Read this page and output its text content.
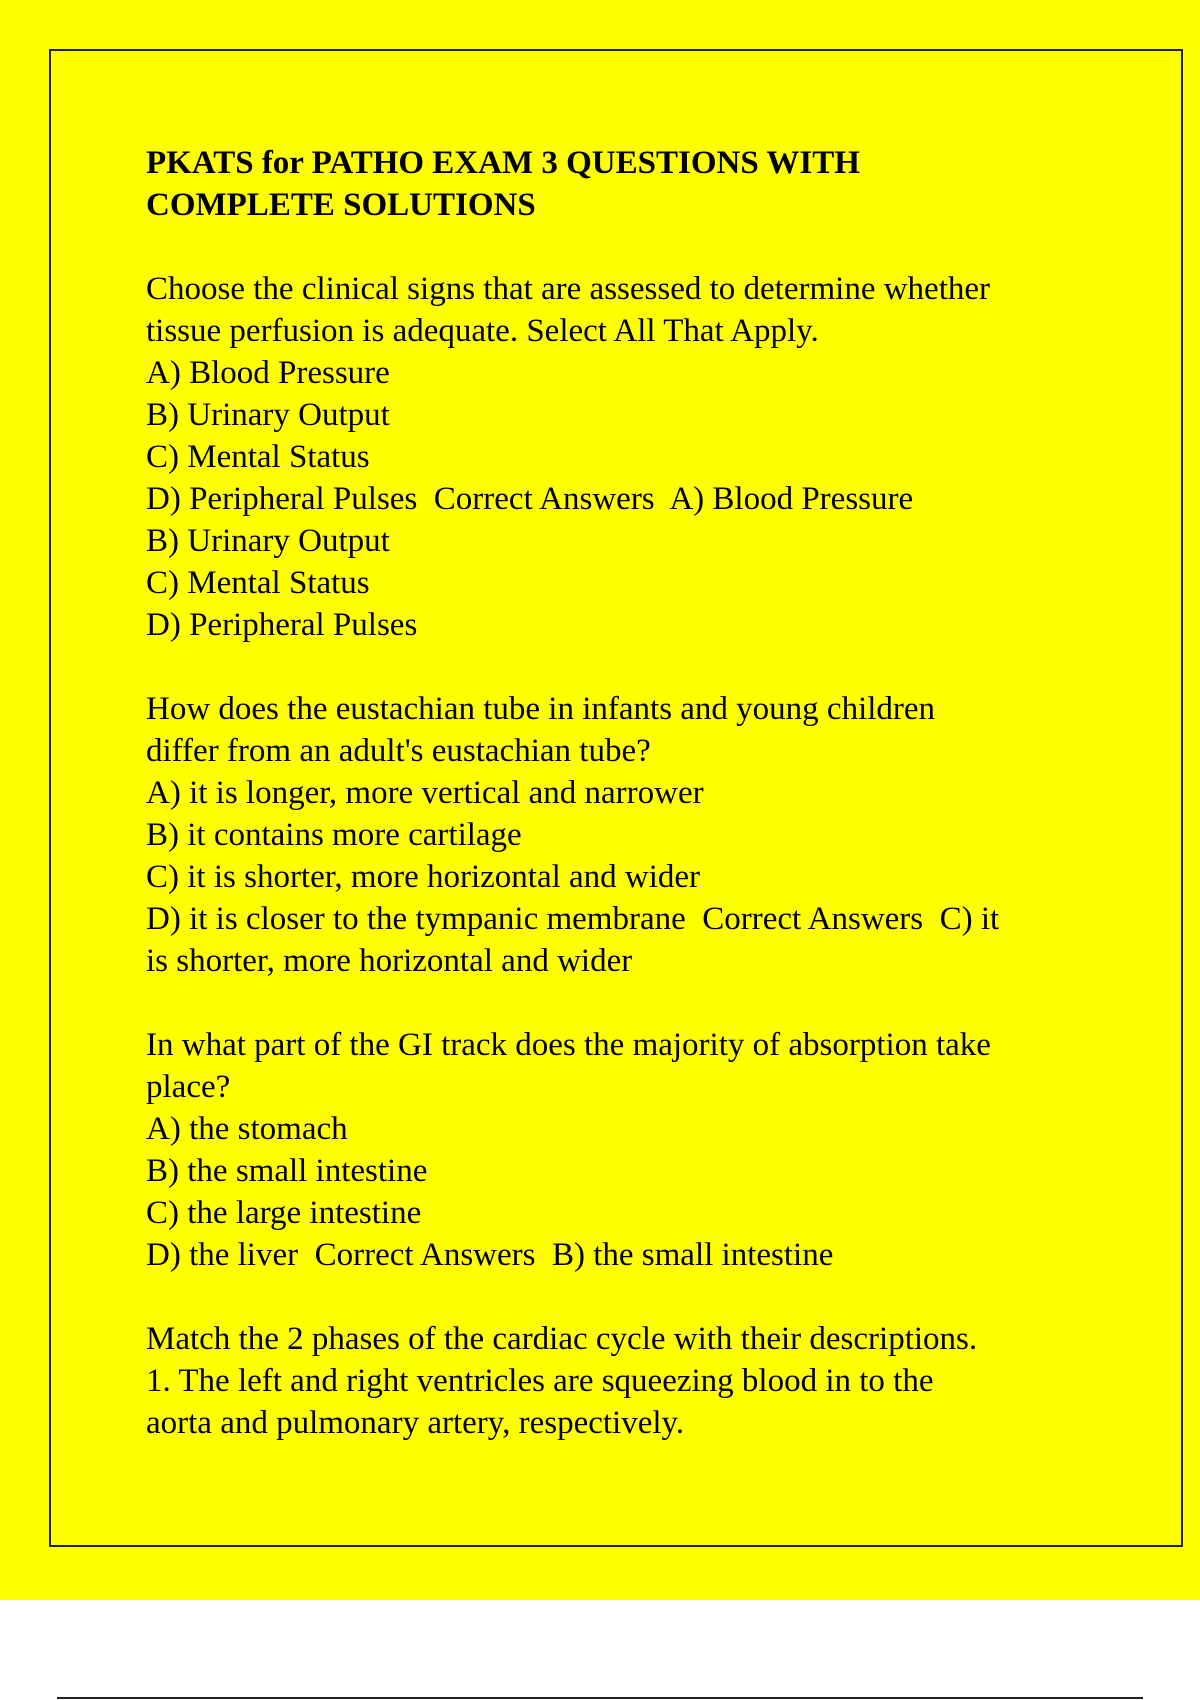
PKATS for PATHO EXAM 3 QUESTIONS WITH
COMPLETE SOLUTIONS
Choose the clinical signs that are assessed to determine whether
tissue perfusion is adequate. Select All That Apply.
A) Blood Pressure
B) Urinary Output
C) Mental Status
D) Peripheral Pulses  Correct Answers  A) Blood Pressure
B) Urinary Output
C) Mental Status
D) Peripheral Pulses
How does the eustachian tube in infants and young children
differ from an adult's eustachian tube?
A) it is longer, more vertical and narrower
B) it contains more cartilage
C) it is shorter, more horizontal and wider
D) it is closer to the tympanic membrane  Correct Answers  C) it
is shorter, more horizontal and wider
In what part of the GI track does the majority of absorption take
place?
A) the stomach
B) the small intestine
C) the large intestine
D) the liver  Correct Answers  B) the small intestine
Match the 2 phases of the cardiac cycle with their descriptions.
1. The left and right ventricles are squeezing blood in to the
aorta and pulmonary artery, respectively.
